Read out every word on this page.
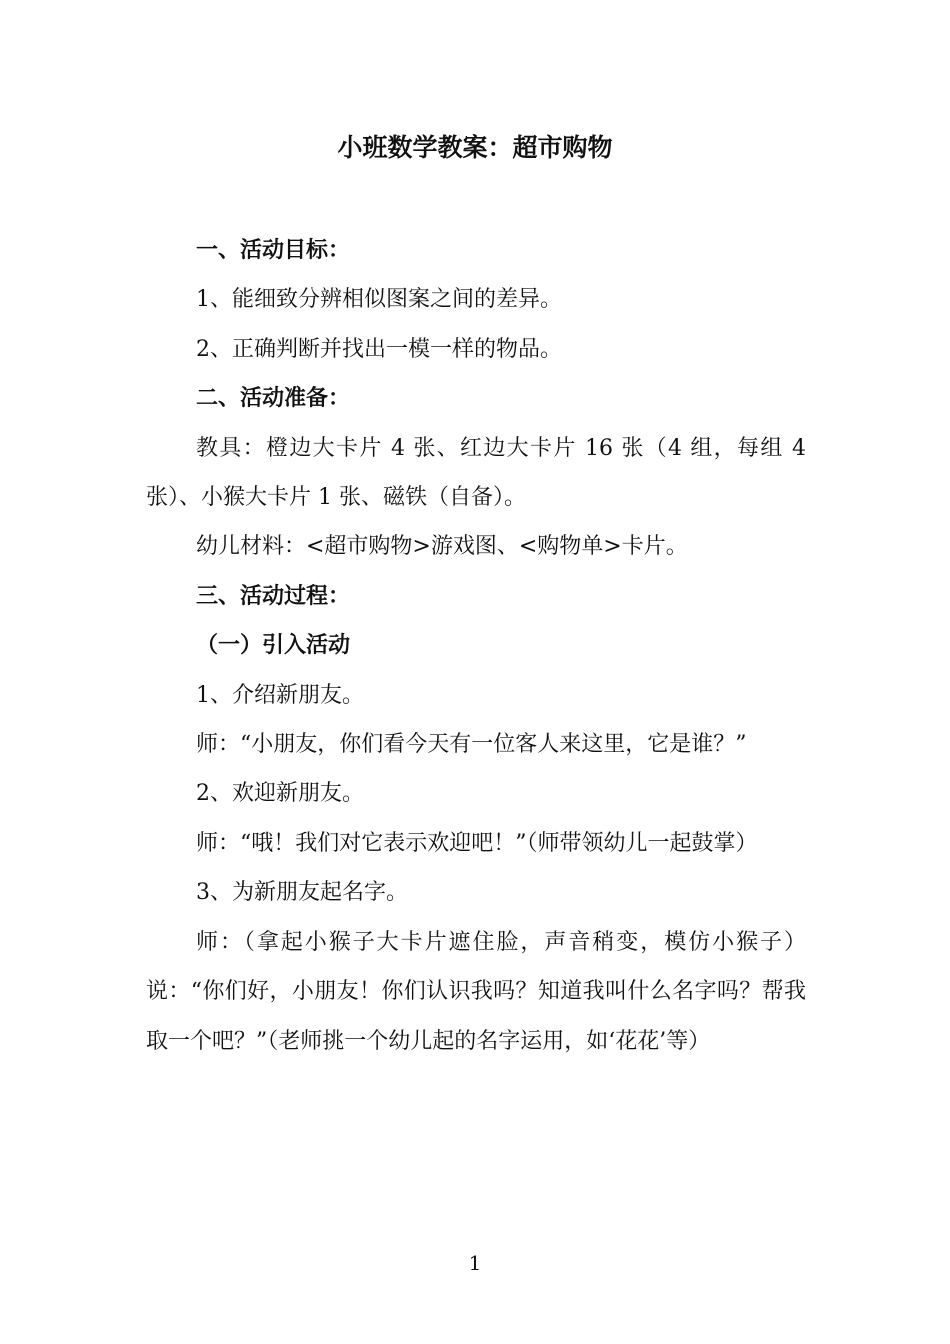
小班数学教案：超市购物

一、活动目标：

1、能细致分辨相似图案之间的差异。

2、正确判断并找出一模一样的物品。

二、活动准备：

教具：橙边大卡片 4 张、红边大卡片 16 张（4 组，每组 4 张）、小猴大卡片 1 张、磁铁（自备）。

幼儿材料：<超市购物>游戏图、<购物单>卡片。

三、活动过程：

（一）引入活动

1、介绍新朋友。

师：“小朋友，你们看今天有一位客人来这里，它是谁？”

2、欢迎新朋友。

师：“哦！我们对它表示欢迎吧！”（师带领幼儿一起鼓掌）

3、为新朋友起名字。

师：（拿起小猴子大卡片遮住脸，声音稍变，模仿小猴子）说：“你们好，小朋友！你们认识我吗？知道我叫什么名字吗？帮我取一个吧？”（老师挑一个幼儿起的名字运用，如‘花花’等）

1
